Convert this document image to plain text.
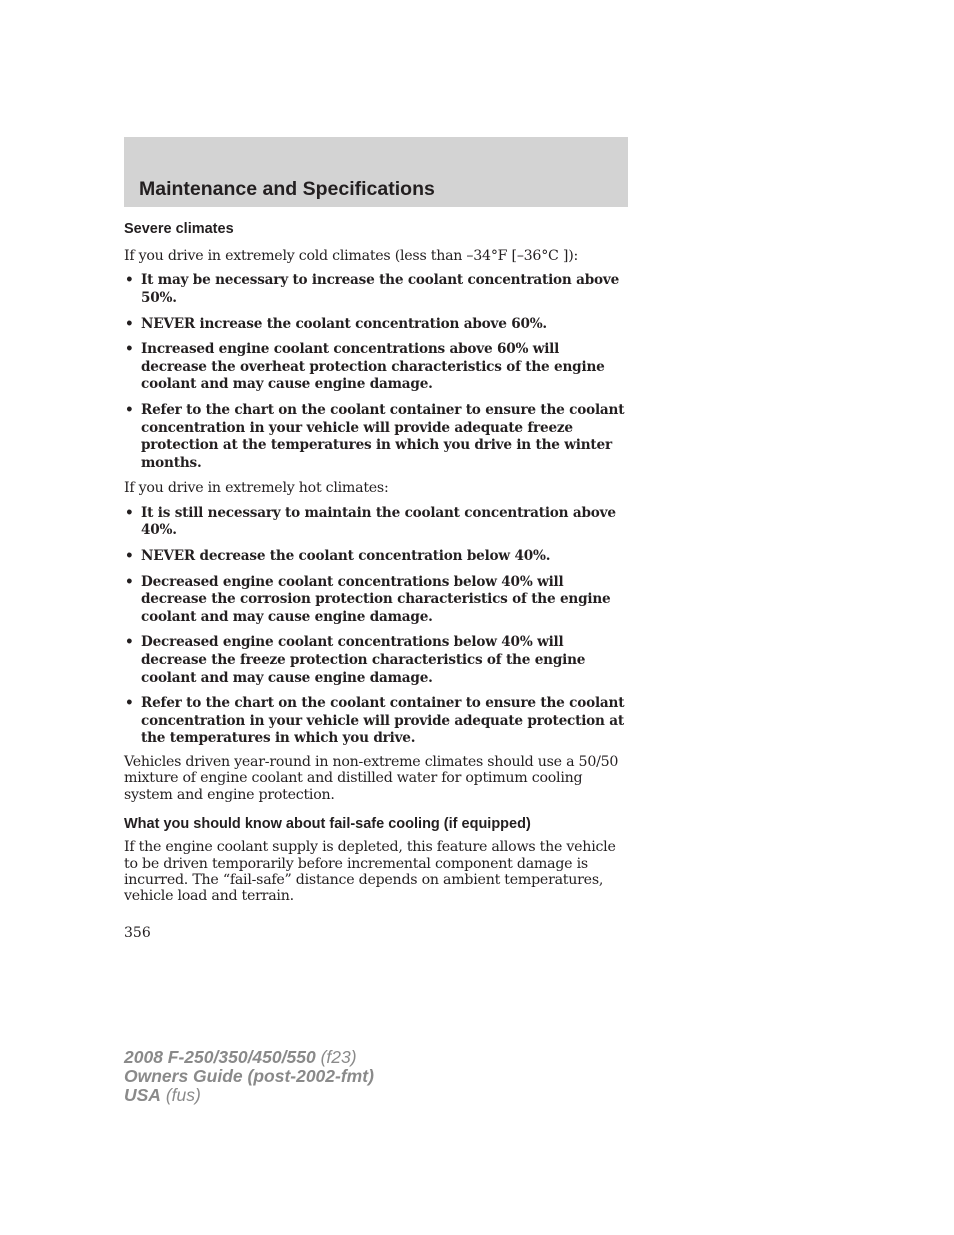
Maintenance and Specifications
Severe climates

If you drive in extremely cold climates (less than –34°F [–36°C ]):

• It may be necessary to increase the coolant concentration above 50%.
• NEVER increase the coolant concentration above 60%.
• Increased engine coolant concentrations above 60% will decrease the overheat protection characteristics of the engine coolant and may cause engine damage.
• Refer to the chart on the coolant container to ensure the coolant concentration in your vehicle will provide adequate freeze protection at the temperatures in which you drive in the winter months.

If you drive in extremely hot climates:

• It is still necessary to maintain the coolant concentration above 40%.
• NEVER decrease the coolant concentration below 40%.
• Decreased engine coolant concentrations below 40% will decrease the corrosion protection characteristics of the engine coolant and may cause engine damage.
• Decreased engine coolant concentrations below 40% will decrease the freeze protection characteristics of the engine coolant and may cause engine damage.
• Refer to the chart on the coolant container to ensure the coolant concentration in your vehicle will provide adequate protection at the temperatures in which you drive.

Vehicles driven year-round in non-extreme climates should use a 50/50 mixture of engine coolant and distilled water for optimum cooling system and engine protection.

What you should know about fail-safe cooling (if equipped)

If the engine coolant supply is depleted, this feature allows the vehicle to be driven temporarily before incremental component damage is incurred. The “fail-safe” distance depends on ambient temperatures, vehicle load and terrain.

356

2008 F-250/350/450/550 (f23)
Owners Guide (post-2002-fmt)
USA (fus)
